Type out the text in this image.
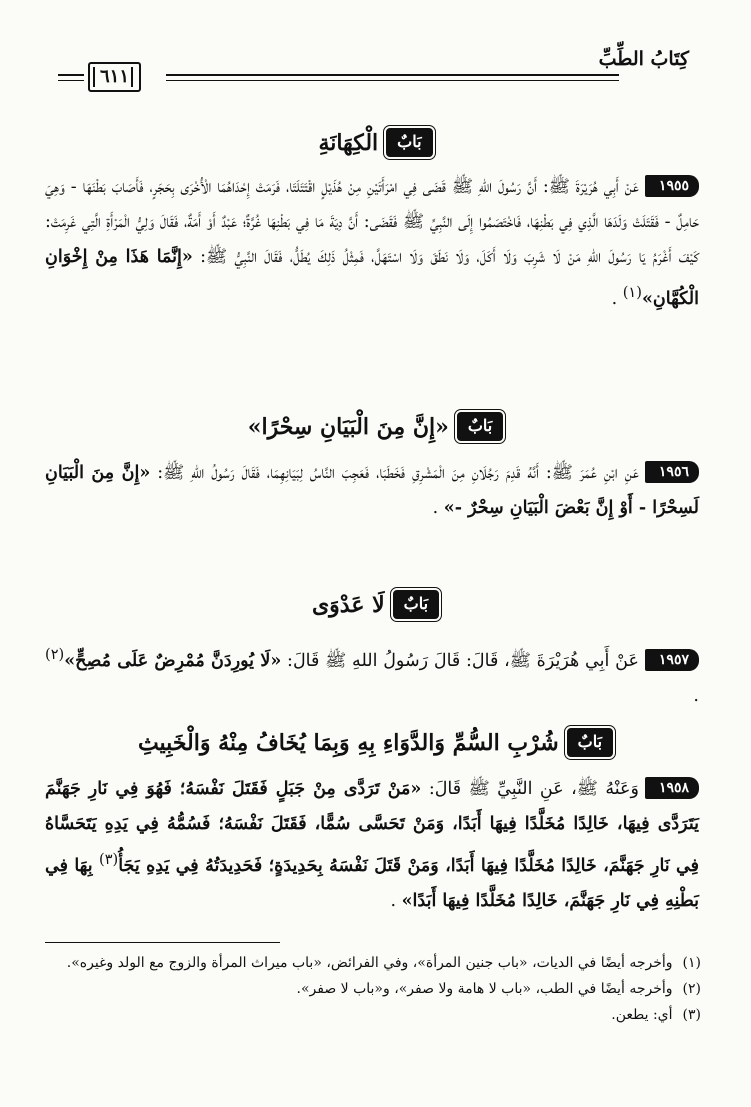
كِتَابُ الطِّبِّ
٦١١
بَابٌ
الْكِهَانَةِ
١٩٥٥عَنْ أَبِي هُرَيْرَةَ ﷺ: أَنَّ رَسُولَ اللهِ ﷺ قَضَى فِي امْرَأَتَيْنِ مِنْ هُذَيْلٍ اقْتَتَلَتَا، فَرَمَتْ إِحْدَاهُمَا الْأُخْرَى بِحَجَرٍ، فَأَصَابَ بَطْنَهَا - وَهِيَ حَامِلٌ - فَقَتَلَتْ وَلَدَهَا الَّذِي فِي بَطْنِهَا، فَاخْتَصَمُوا إِلَى النَّبِيِّ ﷺ فَقَضَى: أَنَّ دِيَةَ مَا فِي بَطْنِهَا غُرَّةٌ؛ عَبْدٌ أَوْ أَمَةٌ، فَقَالَ وَلِيُّ الْمَرْأَةِ الَّتِي غَرِمَتْ: كَيْفَ أَغْرَمُ يَا رَسُولَ اللهِ مَنْ لَا شَرِبَ وَلَا أَكَلَ، وَلَا نَطَقَ وَلَا اسْتَهَلَّ، فَمِثْلُ ذَلِكَ يُطَلُّ، فَقَالَ النَّبِيُّ ﷺ: «إِنَّمَا هَذَا مِنْ إِخْوَانِ الْكُهَّانِ»$^{(١)}$ .
بَابٌ
«إِنَّ مِنَ الْبَيَانِ سِحْرًا»
١٩٥٦عَنِ ابْنِ عُمَرَ ﷺ: أَنَّهُ قَدِمَ رَجُلَانِ مِنَ الْمَشْرِقِ فَخَطَبَا، فَعَجِبَ النَّاسُ لِبَيَانِهِمَا، فَقَالَ رَسُولُ اللهِ ﷺ: «إِنَّ مِنَ الْبَيَانِ لَسِحْرًا - أَوْ إِنَّ بَعْضَ الْبَيَانِ سِحْرٌ -» .
بَابٌ
لَا عَدْوَى
١٩٥٧عَنْ أَبِي هُرَيْرَةَ ﷺ، قَالَ: قَالَ رَسُولُ اللهِ ﷺ قَالَ: «لَا يُورِدَنَّ مُمْرِضٌ عَلَى مُصِحٍّ»$^{(٢)}$ .
بَابٌ
شُرْبِ السُّمِّ وَالدَّوَاءِ بِهِ وَبِمَا يُخَافُ مِنْهُ وَالْخَبِيثِ
١٩٥٨وَعَنْهُ ﷺ، عَنِ النَّبِيِّ ﷺ قَالَ: «مَنْ تَرَدَّى مِنْ جَبَلٍ فَقَتَلَ نَفْسَهُ؛ فَهُوَ فِي نَارِ جَهَنَّمَ يَتَرَدَّى فِيهَا، خَالِدًا مُخَلَّدًا فِيهَا أَبَدًا، وَمَنْ تَحَسَّى سُمًّا، فَقَتَلَ نَفْسَهُ؛ فَسُمُّهُ فِي يَدِهِ يَتَحَسَّاهُ فِي نَارِ جَهَنَّمَ، خَالِدًا مُخَلَّدًا فِيهَا أَبَدًا، وَمَنْ قَتَلَ نَفْسَهُ بِحَدِيدَةٍ؛ فَحَدِيدَتُهُ فِي يَدِهِ يَجَأُ$^{(٣)}$ بِهَا فِي بَطْنِهِ فِي نَارِ جَهَنَّمَ، خَالِدًا مُخَلَّدًا فِيهَا أَبَدًا» .
(١)وأخرجه أيضًا في الديات، «باب جنين المرأة»، وفي الفرائض، «باب ميراث المرأة والزوج مع الولد وغيره».
(٢)وأخرجه أيضًا في الطب، «باب لا هامة ولا صفر»، و«باب لا صفر».
(٣)أي: يطعن.
